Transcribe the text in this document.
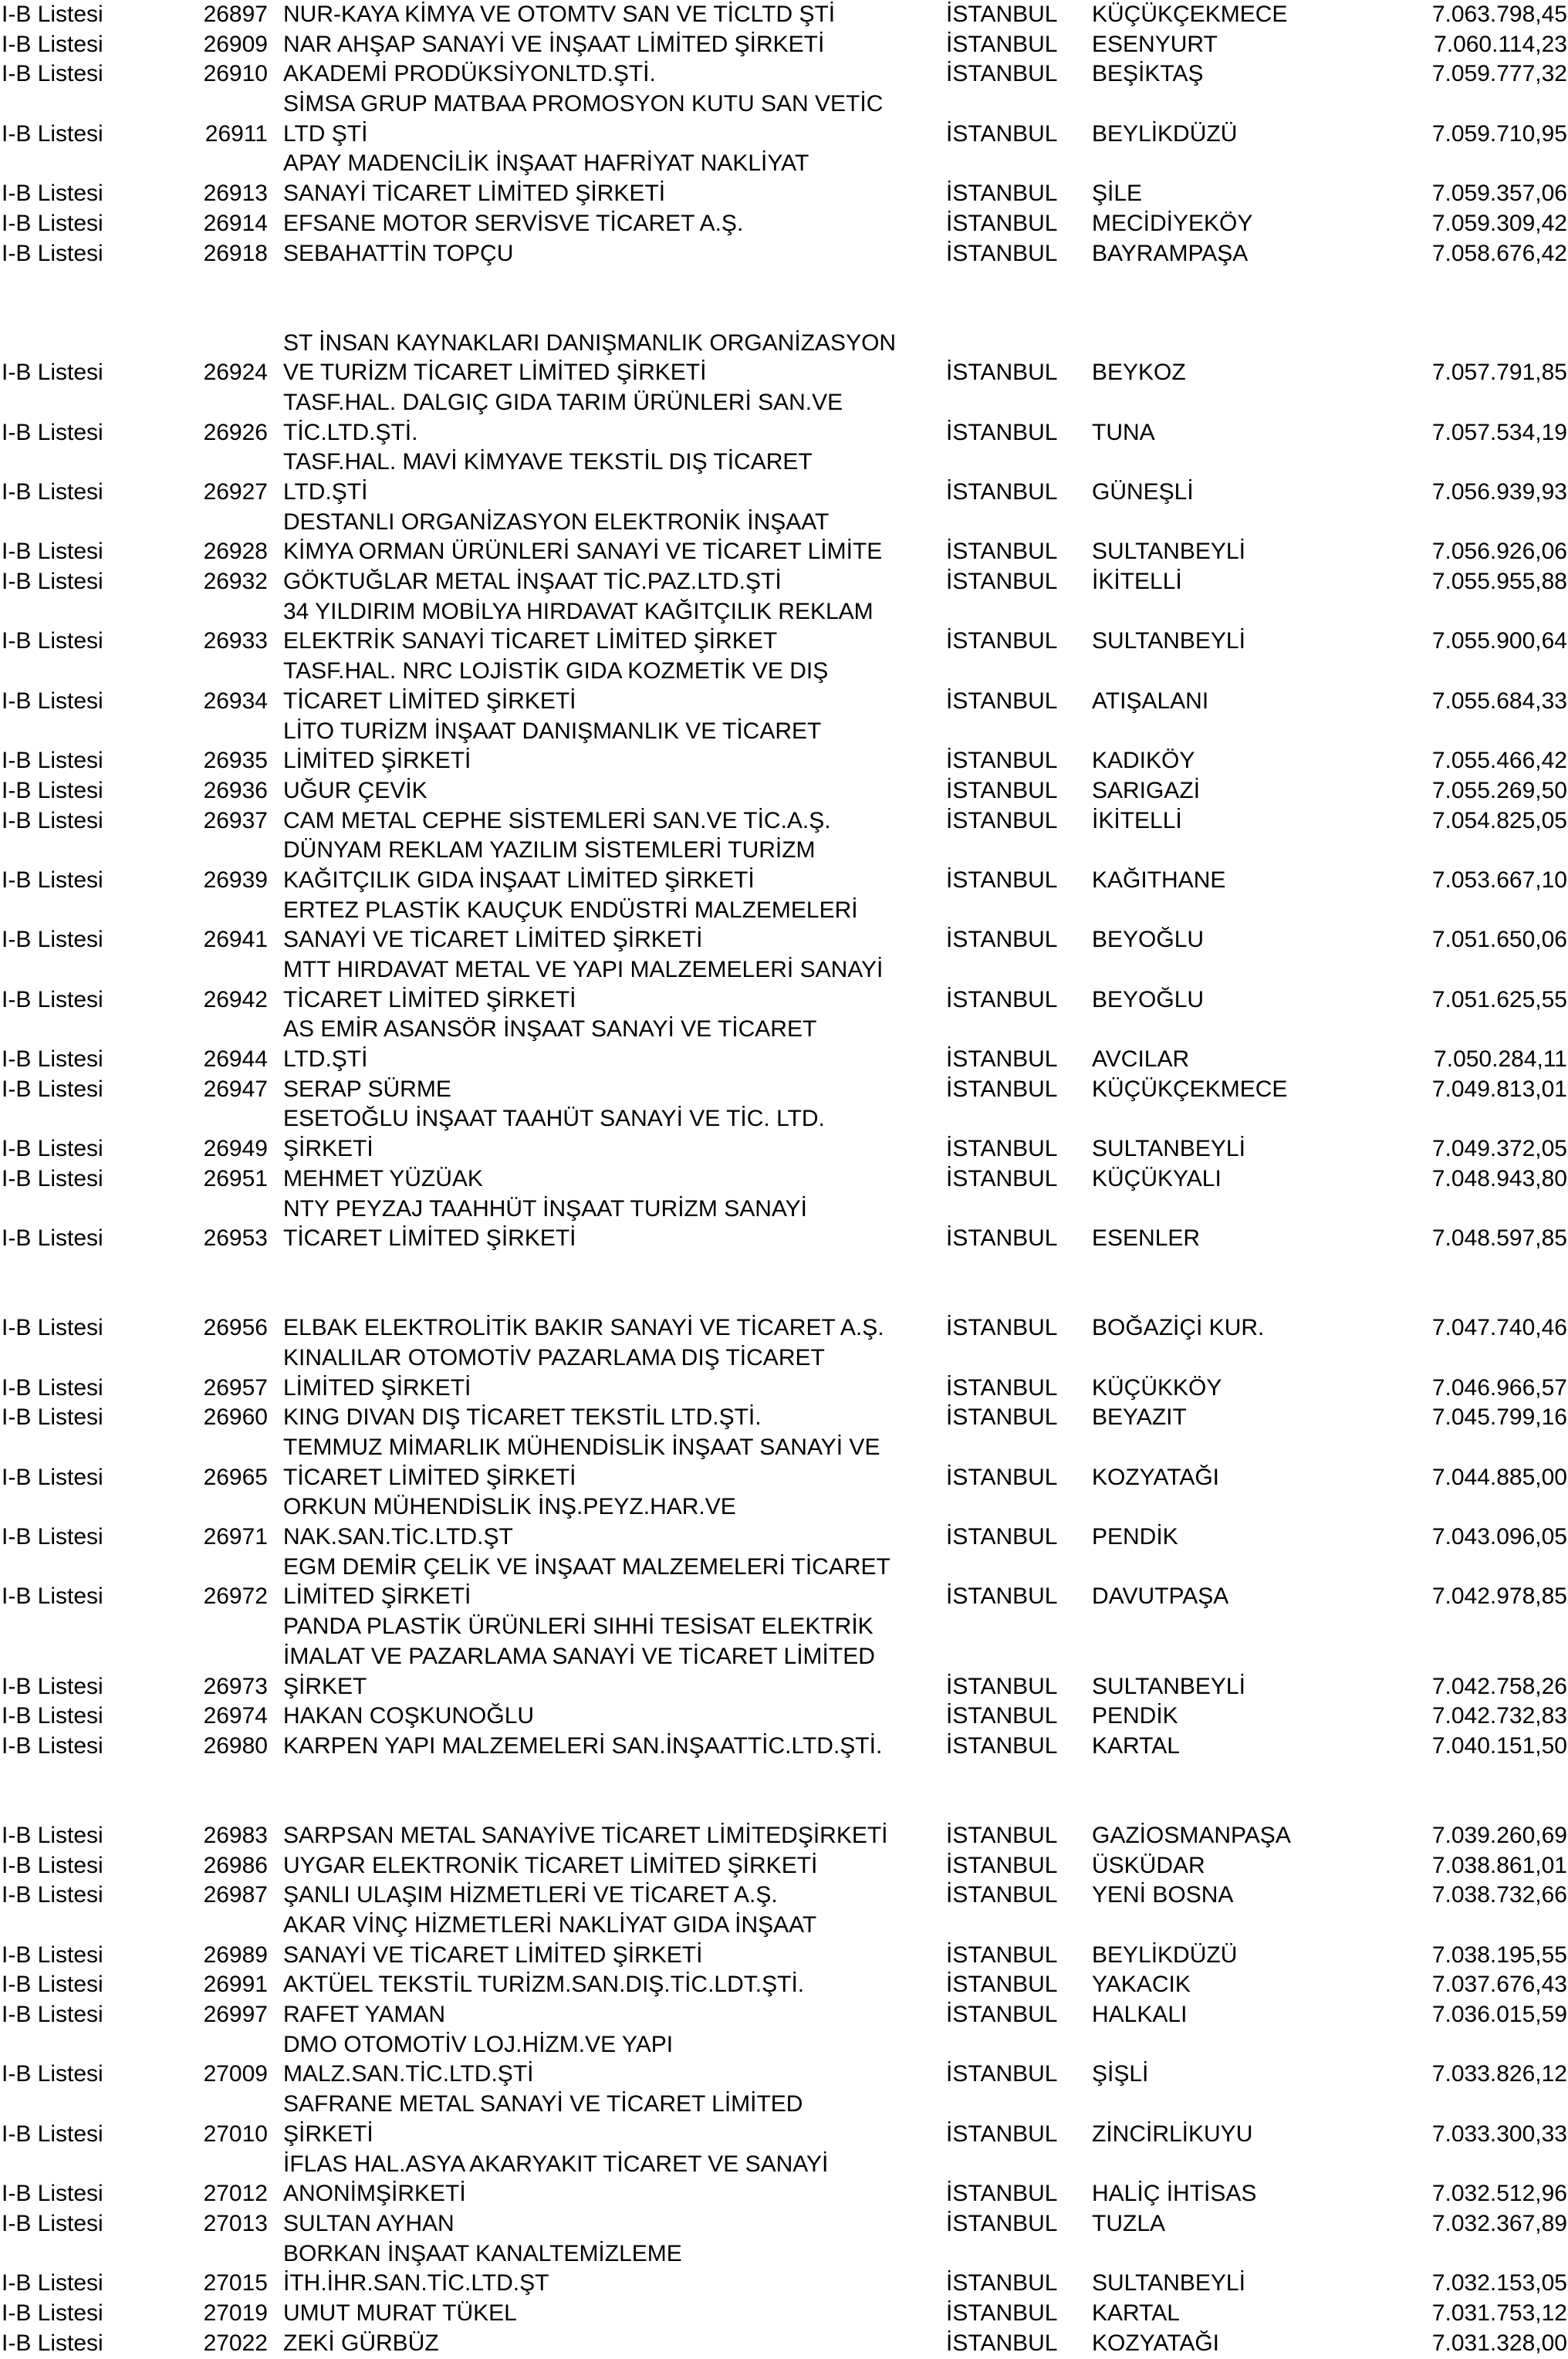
I-B Listesi	26897 NUR-KAYA KİMYA VE OTOMTV SAN VE TİCLTD ŞTİ	İSTANBUL KÜÇÜKÇEKMECE	7.063.798,45
I-B Listesi	26909 NAR AHŞAP SANAYİ VE İNŞAAT LİMİTED ŞİRKETİ	İSTANBUL ESENYURT	7.060.114,23
I-B Listesi	26910 AKADEMİ PRODÜKSİYONLTD.ŞTİ.	İSTANBUL BEŞİKTAŞ	7.059.777,32
SİMSA GRUP MATBAA PROMOSYON KUTU SAN VETİC
I-B Listesi	26911 LTD ŞTİ	İSTANBUL BEYLİKDÜZÜ	7.059.710,95
APAY MADENCİLİK İNŞAAT HAFRİYAT NAKLİYAT
I-B Listesi	26913 SANAYİ TİCARET LİMİTED ŞİRKETİ	İSTANBUL ŞİLE	7.059.357,06
I-B Listesi	26914 EFSANE MOTOR SERVİSVE TİCARET A.Ş.	İSTANBUL MECİDİYEKÖY	7.059.309,42
I-B Listesi	26918 SEBAHATTİN TOPÇU	İSTANBUL BAYRAMPAŞA	7.058.676,42
ST İNSAN KAYNAKLARI DANIŞMANLIK ORGANİZASYON
I-B Listesi	26924 VE TURİZM TİCARET LİMİTED ŞİRKETİ	İSTANBUL BEYKOZ	7.057.791,85
TASF.HAL. DALGIÇ GIDA TARIM ÜRÜNLERİ SAN.VE
I-B Listesi	26926 TİC.LTD.ŞTİ.	İSTANBUL TUNA	7.057.534,19
TASF.HAL. MAVİ KİMYAVE TEKSTİL DIŞ TİCARET
I-B Listesi	26927 LTD.ŞTİ	İSTANBUL GÜNEŞLİ	7.056.939,93
DESTANLI ORGANİZASYON ELEKTRONİK İNŞAAT
I-B Listesi	26928 KİMYA ORMAN ÜRÜNLERİ SANAYİ VE TİCARET LİMİTE	İSTANBUL SULTANBEYLİ	7.056.926,06
I-B Listesi	26932 GÖKTUĞLAR METAL İNŞAAT TİC.PAZ.LTD.ŞTİ	İSTANBUL İKİTELLİ	7.055.955,88
34 YILDIRIM MOBİLYA HIRDAVAT KAĞITÇILIK REKLAM
I-B Listesi	26933 ELEKTRİK SANAYİ TİCARET LİMİTED ŞİRKET	İSTANBUL SULTANBEYLİ	7.055.900,64
TASF.HAL. NRC LOJİSTİK GIDA KOZMETİK VE DIŞ
I-B Listesi	26934 TİCARET LİMİTED ŞİRKETİ	İSTANBUL ATIŞALANI	7.055.684,33
LİTO TURİZM İNŞAAT DANIŞMANLIK VE TİCARET
I-B Listesi	26935 LİMİTED ŞİRKETİ	İSTANBUL KADIKÖY	7.055.466,42
I-B Listesi	26936 UĞUR ÇEVİK	İSTANBUL SARIGAZİ	7.055.269,50
I-B Listesi	26937 CAM METAL CEPHE SİSTEMLERİ SAN.VE TİC.A.Ş.	İSTANBUL İKİTELLİ	7.054.825,05
DÜNYAM REKLAM YAZILIM SİSTEMLERİ TURİZM
I-B Listesi	26939 KAĞITÇILIK GIDA İNŞAAT LİMİTED ŞİRKETİ	İSTANBUL KAĞITHANE	7.053.667,10
ERTEZ PLASTİK KAUÇUK ENDÜSTRİ MALZEMELERİ
I-B Listesi	26941 SANAYİ VE TİCARET LİMİTED ŞİRKETİ	İSTANBUL BEYOĞLU	7.051.650,06
MTT HIRDAVAT METAL VE YAPI MALZEMELERİ SANAYİ
I-B Listesi	26942 TİCARET LİMİTED ŞİRKETİ	İSTANBUL BEYOĞLU	7.051.625,55
AS EMİR ASANSÖR İNŞAAT SANAYİ VE TİCARET
I-B Listesi	26944 LTD.ŞTİ	İSTANBUL AVCILAR	7.050.284,11
I-B Listesi	26947 SERAP SÜRME	İSTANBUL KÜÇÜKÇEKMECE	7.049.813,01
ESETOĞLU İNŞAAT TAAHÜT SANAYİ VE TİC. LTD.
I-B Listesi	26949 ŞİRKETİ	İSTANBUL SULTANBEYLİ	7.049.372,05
I-B Listesi	26951 MEHMET YÜZÜAK	İSTANBUL KÜÇÜKYALI	7.048.943,80
NTY PEYZAJ TAAHHÜT İNŞAAT TURİZM SANAYİ
I-B Listesi	26953 TİCARET LİMİTED ŞİRKETİ	İSTANBUL ESENLER	7.048.597,85
I-B Listesi	26956 ELBAK ELEKTROLİTİK BAKIR SANAYİ VE TİCARET A.Ş.	İSTANBUL BOĞAZİÇİ KUR.	7.047.740,46
KINALILAR OTOMOTİV PAZARLAMA DIŞ TİCARET
I-B Listesi	26957 LİMİTED ŞİRKETİ	İSTANBUL KÜÇÜKKÖY	7.046.966,57
I-B Listesi	26960 KING DIVAN DIŞ TİCARET TEKSTİL LTD.ŞTİ.	İSTANBUL BEYAZIT	7.045.799,16
TEMMUZ MİMARLIK MÜHENDİSLİK İNŞAAT SANAYİ VE
I-B Listesi	26965 TİCARET LİMİTED ŞİRKETİ	İSTANBUL KOZYATAĞI	7.044.885,00
ORKUN MÜHENDİSLİK İNŞ.PEYZ.HAR.VE
I-B Listesi	26971 NAK.SAN.TİC.LTD.ŞT	İSTANBUL PENDİK	7.043.096,05
EGM DEMİR ÇELİK VE İNŞAAT MALZEMELERİ TİCARET
I-B Listesi	26972 LİMİTED ŞİRKETİ	İSTANBUL DAVUTPAŞA	7.042.978,85
PANDA PLASTİK ÜRÜNLERİ SIHHİ TESİSAT ELEKTRİK
İMALAT VE PAZARLAMA SANAYİ VE TİCARET LİMİTED
I-B Listesi	26973 ŞİRKET	İSTANBUL SULTANBEYLİ	7.042.758,26
I-B Listesi	26974 HAKAN COŞKUNOĞLU	İSTANBUL PENDİK	7.042.732,83
I-B Listesi	26980 KARPEN YAPI MALZEMELERİ SAN.İNŞAATTİC.LTD.ŞTİ.	İSTANBUL KARTAL	7.040.151,50
I-B Listesi	26983 SARPSAN METAL SANAYİVE TİCARET LİMİTEDŞİRKETİ	İSTANBUL GAZİOSMANPAŞA	7.039.260,69
I-B Listesi	26986 UYGAR ELEKTRONİK TİCARET LİMİTED ŞİRKETİ	İSTANBUL ÜSKÜDAR	7.038.861,01
I-B Listesi	26987 ŞANLI ULAŞIM HİZMETLERİ VE TİCARET A.Ş.	İSTANBUL YENİ BOSNA	7.038.732,66
AKAR VİNÇ HİZMETLERİ NAKLİYAT GIDA İNŞAAT
I-B Listesi	26989 SANAYİ VE TİCARET LİMİTED ŞİRKETİ	İSTANBUL BEYLİKDÜZÜ	7.038.195,55
I-B Listesi	26991 AKTÜEL TEKSTİL TURİZM.SAN.DIŞ.TİC.LDT.ŞTİ.	İSTANBUL YAKACIK	7.037.676,43
I-B Listesi	26997 RAFET YAMAN	İSTANBUL HALKALI	7.036.015,59
DMO OTOMOTİV LOJ.HİZM.VE YAPI
I-B Listesi	27009 MALZ.SAN.TİC.LTD.ŞTİ	İSTANBUL ŞİŞLİ	7.033.826,12
SAFRANE METAL SANAYİ VE TİCARET LİMİTED
I-B Listesi	27010 ŞİRKETİ	İSTANBUL ZİNCİRLİKUYU	7.033.300,33
İFLAS HAL.ASYA AKARYAKIT TİCARET VE SANAYİ
I-B Listesi	27012 ANONİMŞİRKETİ	İSTANBUL HALİÇ İHTİSAS	7.032.512,96
I-B Listesi	27013 SULTAN AYHAN	İSTANBUL TUZLA	7.032.367,89
BORKAN İNŞAAT KANALTEMİZLEME
I-B Listesi	27015 İTH.İHR.SAN.TİC.LTD.ŞT	İSTANBUL SULTANBEYLİ	7.032.153,05
I-B Listesi	27019 UMUT MURAT TÜKEL	İSTANBUL KARTAL	7.031.753,12
I-B Listesi	27022 ZEKİ GÜRBÜZ	İSTANBUL KOZYATAĞI	7.031.328,00
